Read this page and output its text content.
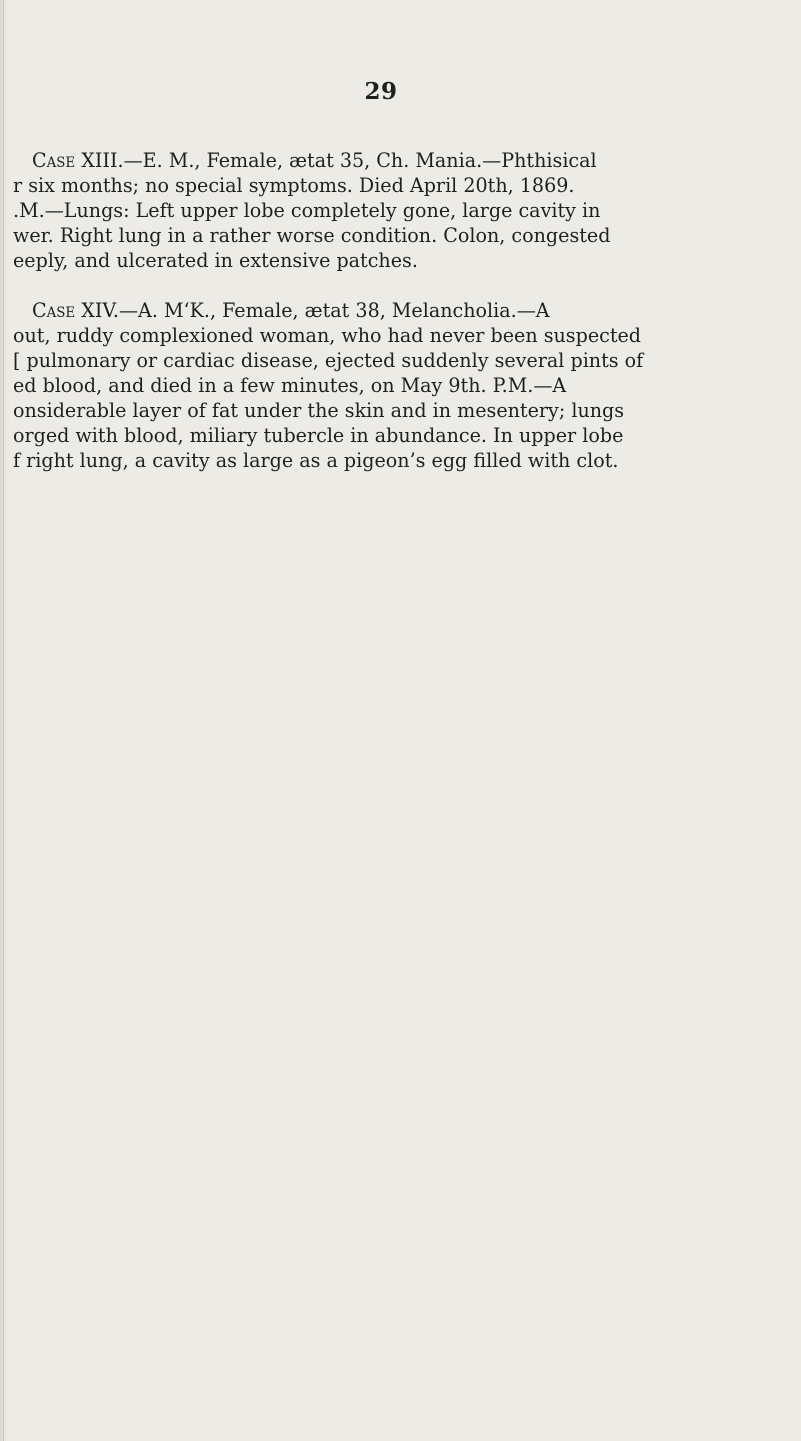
29
Case XIII.—E. M., Female, ætat 35, Ch. Mania.—Phthisical
r six months; no special symptoms. Died April 20th, 1869.
.M.—Lungs: Left upper lobe completely gone, large cavity in
wer. Right lung in a rather worse condition. Colon, congested
eeply, and ulcerated in extensive patches.
Case XIV.—A. M‘K., Female, ætat 38, Melancholia.—A
out, ruddy complexioned woman, who had never been suspected
[ pulmonary or cardiac disease, ejected suddenly several pints of
ed blood, and died in a few minutes, on May 9th. P.M.—A
onsiderable layer of fat under the skin and in mesentery; lungs
orged with blood, miliary tubercle in abundance. In upper lobe
f right lung, a cavity as large as a pigeon’s egg filled with clot.
